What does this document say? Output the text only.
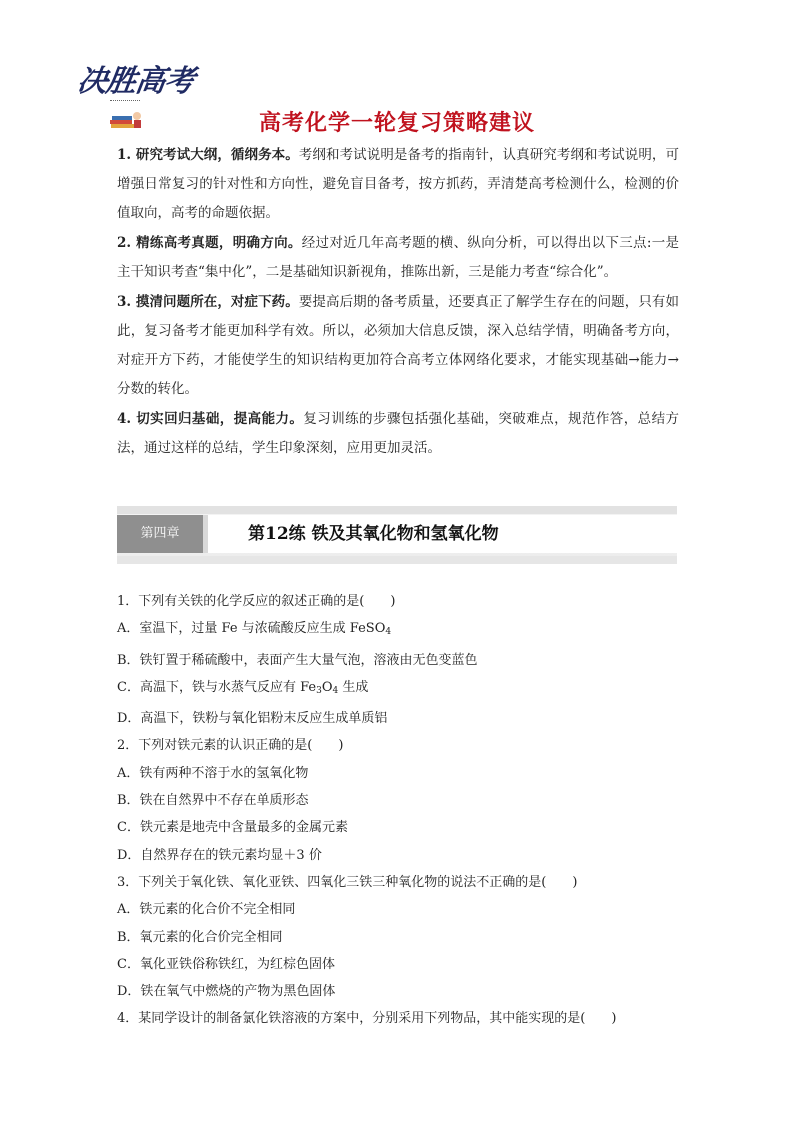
决胜高考
高考化学一轮复习策略建议

1. 研究考试大纲，循纲务本。考纲和考试说明是备考的指南针，认真研究考纲和考试说明，可增强日常复习的针对性和方向性，避免盲目备考，按方抓药，弄清楚高考检测什么，检测的价值取向，高考的命题依据。

2. 精练高考真题，明确方向。经过对近几年高考题的横、纵向分析，可以得出以下三点:一是主干知识考查“集中化”，二是基础知识新视角，推陈出新，三是能力考查“综合化”。

3. 摸清问题所在，对症下药。要提高后期的备考质量，还要真正了解学生存在的问题，只有如此，复习备考才能更加科学有效。所以，必须加大信息反馈，深入总结学情，明确备考方向，对症开方下药，才能使学生的知识结构更加符合高考立体网络化要求，才能实现基础→能力→分数的转化。

4. 切实回归基础，提高能力。复习训练的步骤包括强化基础，突破难点，规范作答，总结方法，通过这样的总结，学生印象深刻，应用更加灵活。

第四章	第12练 铁及其氧化物和氢氧化物
1．下列有关铁的化学反应的叙述正确的是(　　)
A．室温下，过量 Fe 与浓硫酸反应生成 FeSO$_4$
B．铁钉置于稀硫酸中，表面产生大量气泡，溶液由无色变蓝色
C．高温下，铁与水蒸气反应有 $Fe_3O_4$ 生成
D．高温下，铁粉与氧化铝粉末反应生成单质铝
2．下列对铁元素的认识正确的是(　　)
A．铁有两种不溶于水的氢氧化物
B．铁在自然界中不存在单质形态
C．铁元素是地壳中含量最多的金属元素
D．自然界存在的铁元素均显＋3 价
3．下列关于氧化铁、氧化亚铁、四氧化三铁三种氧化物的说法不正确的是(　　)
A．铁元素的化合价不完全相同
B．氧元素的化合价完全相同
C．氧化亚铁俗称铁红，为红棕色固体
D．铁在氧气中燃烧的产物为黑色固体
4．某同学设计的制备氯化铁溶液的方案中，分别采用下列物品，其中能实现的是(　　)
